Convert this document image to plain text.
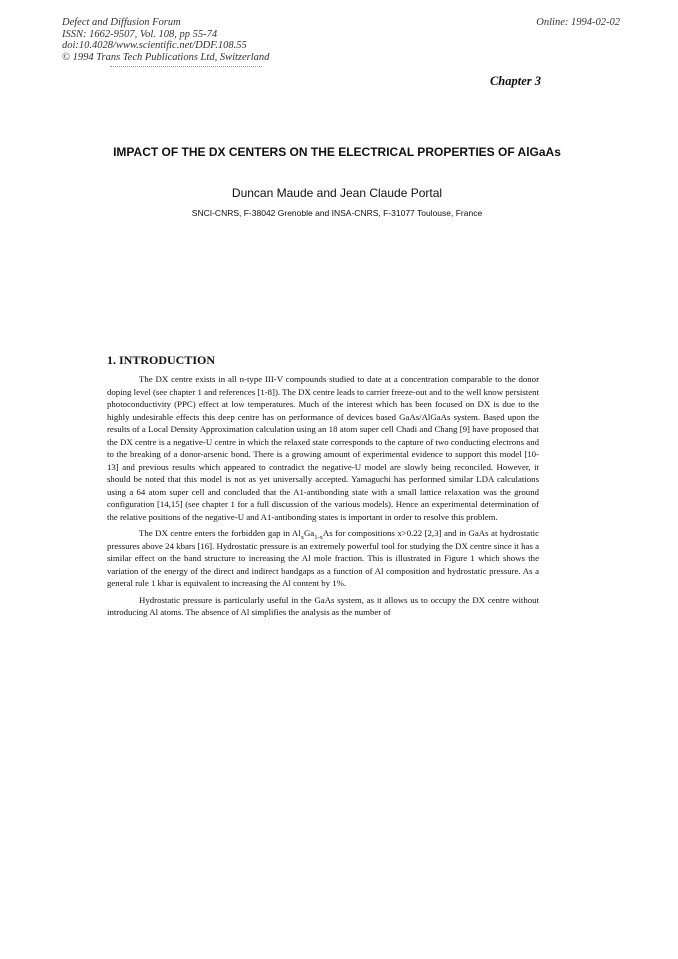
Defect and Diffusion Forum
ISSN: 1662-9507, Vol. 108, pp 55-74
doi:10.4028/www.scientific.net/DDF.108.55
© 1994 Trans Tech Publications Ltd, Switzerland
Online: 1994-02-02
Chapter 3
IMPACT OF THE DX CENTERS ON THE ELECTRICAL PROPERTIES OF AlGaAs
Duncan Maude and Jean Claude Portal
SNCI-CNRS, F-38042 Grenoble and INSA-CNRS, F-31077 Toulouse, France
1. INTRODUCTION

The DX centre exists in all n-type III-V compounds studied to date at a concentration comparable to the donor doping level (see chapter 1 and references [1-8]). The DX centre leads to carrier freeze-out and to the well know persistent photoconductivity (PPC) effect at low temperatures. Much of the interest which has been focused on DX is due to the highly undesirable effects this deep centre has on performance of devices based GaAs/AlGaAs system. Based upon the results of a Local Density Approximation calculation using an 18 atom super cell Chadi and Chang [9] have proposed that the DX centre is a negative-U centre in which the relaxed state corresponds to the capture of two conducting electrons and to the breaking of a donor-arsenic bond. There is a growing amount of experimental evidence to support this model [10-13] and previous results which appeared to contradict the negative-U model are slowly being reconciled. However, it should be noted that this model is not as yet universally accepted. Yamaguchi has performed similar LDA calculations using a 64 atom super cell and concluded that the A1-antibonding state with a small lattice relaxation was the ground configuration [14,15] (see chapter 1 for a full discussion of the various models). Hence an experimental determination of the relative positions of the negative-U and A1-antibonding states is important in order to resolve this problem.

The DX centre enters the forbidden gap in $Al_xGa_{1-x}As$ for compositions x>0.22 [2,3] and in GaAs at hydrostatic pressures above 24 kbars [16]. Hydrostatic pressure is an extremely powerful tool for studying the DX centre since it has a similar effect on the band structure to increasing the Al mole fraction. This is illustrated in Figure 1 which shows the variation of the energy of the direct and indirect bandgaps as a function of Al composition and hydrostatic pressure. As a general rule 1 kbar is equivalent to increasing the Al content by 1%.

Hydrostatic pressure is particularly useful in the GaAs system, as it allows us to occupy the DX centre without introducing Al atoms. The absence of Al simplifies the analysis as the number of
